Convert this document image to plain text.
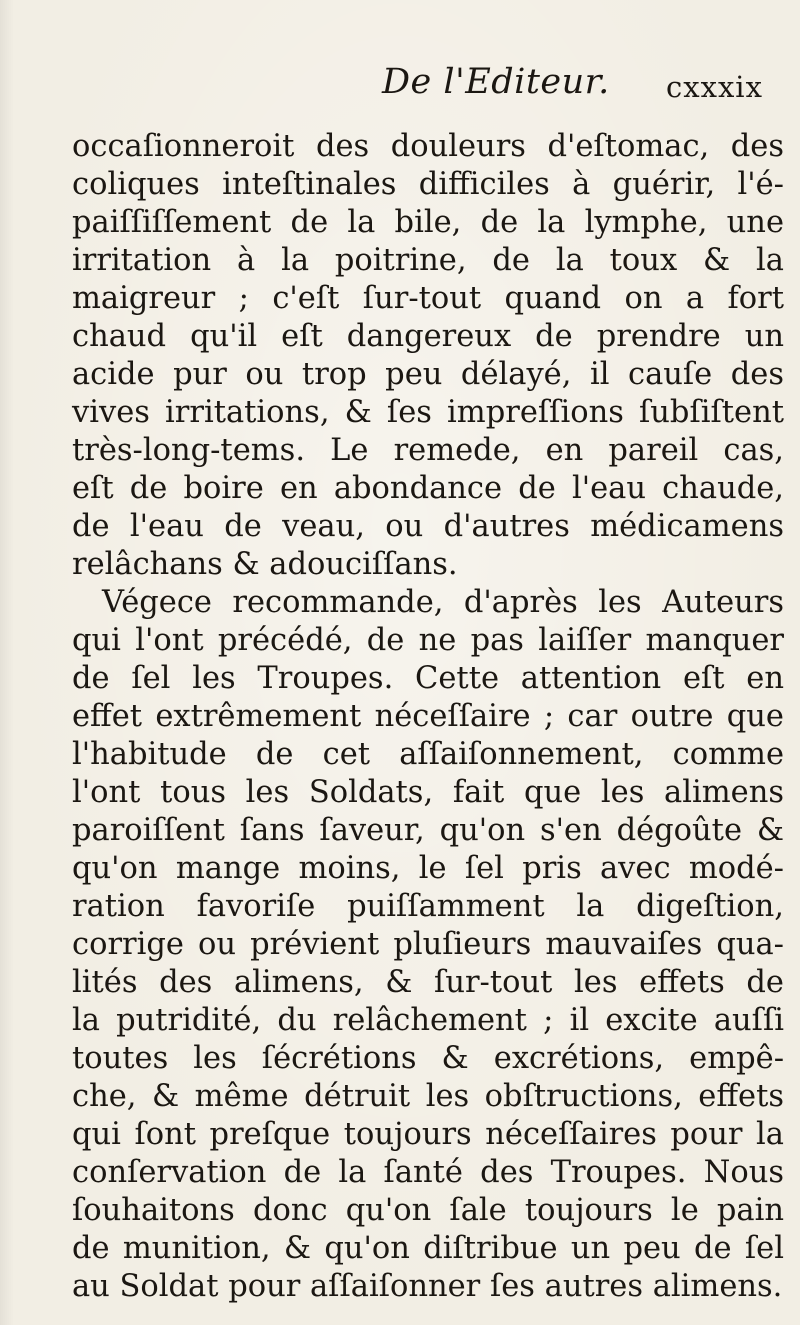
De l'Editeur. cxxxix
occaſionneroit des douleurs d'eſtomac, des
coliques inteſtinales difficiles à guérir, l'é-
paiſſiſſement de la bile, de la lymphe, une
irritation à la poitrine, de la toux & la
maigreur ; c'eſt ſur-tout quand on a fort
chaud qu'il eſt dangereux de prendre un
acide pur ou trop peu délayé, il cauſe des
vives irritations, & ſes impreſſions ſubſiſtent
très-long-tems. Le remede, en pareil cas,
eſt de boire en abondance de l'eau chaude,
de l'eau de veau, ou d'autres médicamens
relâchans & adouciſſans.
Végece recommande, d'après les Auteurs
qui l'ont précédé, de ne pas laiſſer manquer
de ſel les Troupes. Cette attention eſt en
effet extrêmement néceſſaire ; car outre que
l'habitude de cet aſſaiſonnement, comme
l'ont tous les Soldats, fait que les alimens
paroiſſent ſans ſaveur, qu'on s'en dégoûte &
qu'on mange moins, le ſel pris avec modé-
ration favoriſe puiſſamment la digeſtion,
corrige ou prévient pluſieurs mauvaiſes qua-
lités des alimens, & ſur-tout les effets de
la putridité, du relâchement ; il excite auſſi
toutes les ſécrétions & excrétions, empê-
che, & même détruit les obſtructions, effets
qui ſont preſque toujours néceſſaires pour la
conſervation de la ſanté des Troupes. Nous
ſouhaitons donc qu'on ſale toujours le pain
de munition, & qu'on diſtribue un peu de ſel
au Soldat pour aſſaiſonner ſes autres alimens.
